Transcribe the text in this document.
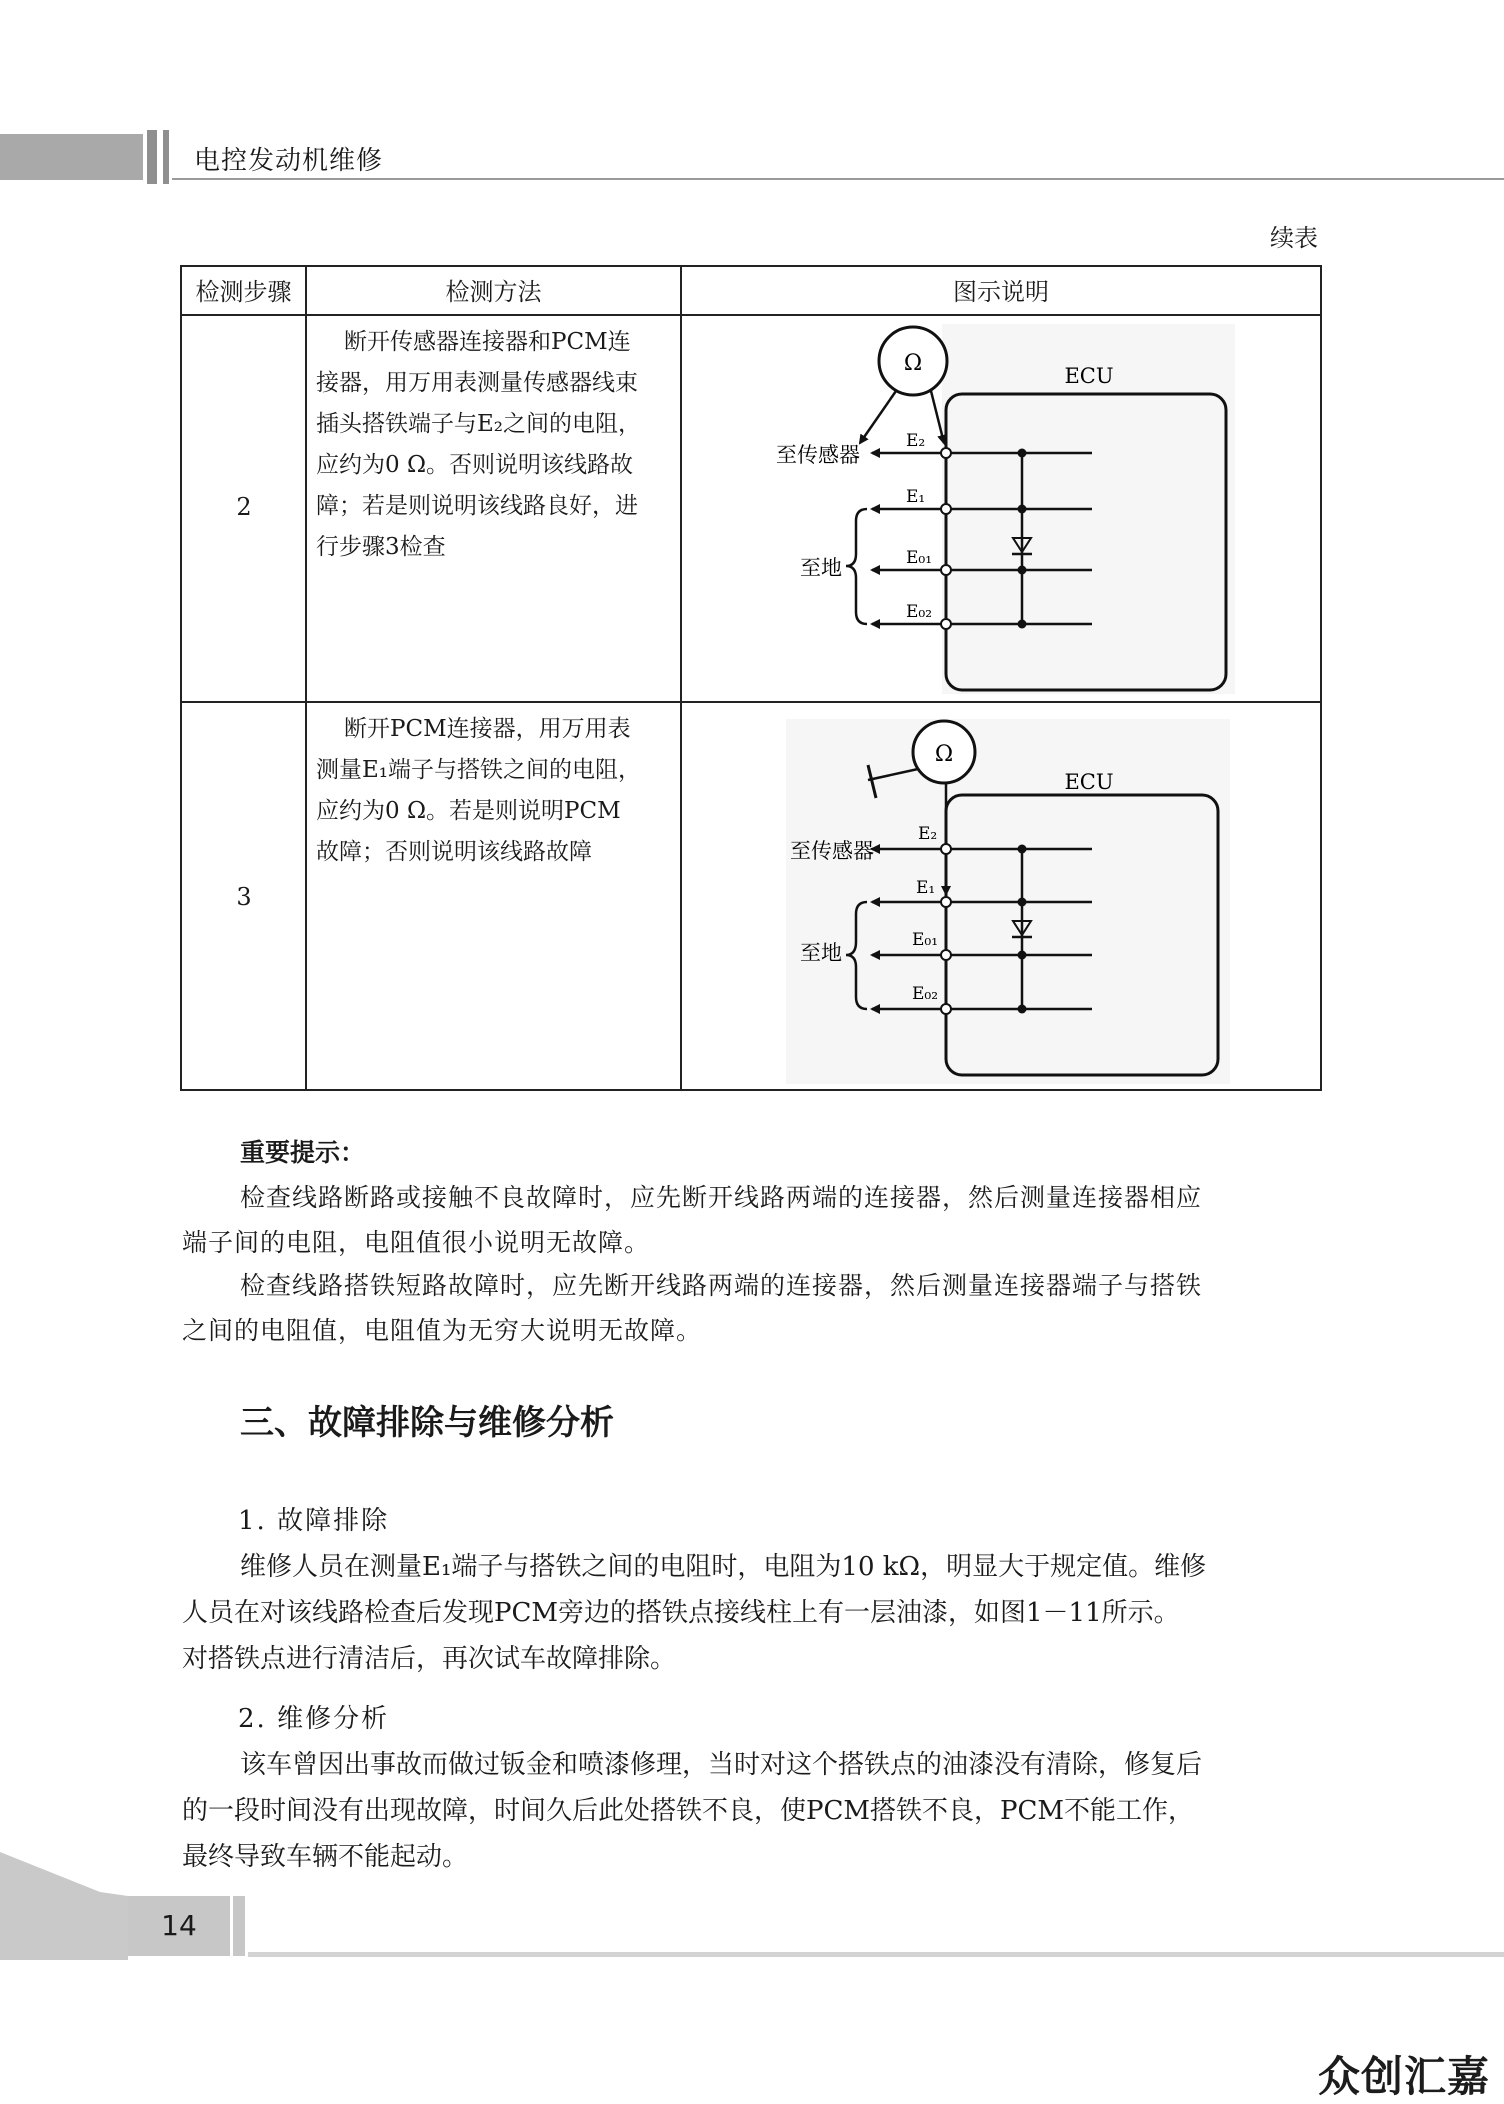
电控发动机维修
续表
检测步骤	检测方法	图示说明
2
断开传感器连接器和PCM连
接器，用万用表测量传感器线束
插头搭铁端子与E₂之间的电阻，
应约为0 Ω。否则说明该线路故
障；若是则说明该线路良好，进
行步骤3检查
ECU
Ω
至传感器
至地
E₂
E₁
E₀₁
E₀₂
3
断开PCM连接器，用万用表
测量E₁端子与搭铁之间的电阻，
应约为0 Ω。若是则说明PCM
故障；否则说明该线路故障
ECU
Ω
至传感器
至地
E₂
E₁
E₀₁
E₀₂
重要提示：
检查线路断路或接触不良故障时，应先断开线路两端的连接器，然后测量连接器相应
端子间的电阻，电阻值很小说明无故障。
检查线路搭铁短路故障时，应先断开线路两端的连接器，然后测量连接器端子与搭铁
之间的电阻值，电阻值为无穷大说明无故障。
三、故障排除与维修分析
1. 故障排除
维修人员在测量E₁端子与搭铁之间的电阻时，电阻为10 kΩ，明显大于规定值。维修
人员在对该线路检查后发现PCM旁边的搭铁点接线柱上有一层油漆，如图1－11所示。
对搭铁点进行清洁后，再次试车故障排除。
2. 维修分析
该车曾因出事故而做过钣金和喷漆修理，当时对这个搭铁点的油漆没有清除，修复后
的一段时间没有出现故障，时间久后此处搭铁不良，使PCM搭铁不良，PCM不能工作，
最终导致车辆不能起动。
14
众创汇嘉
